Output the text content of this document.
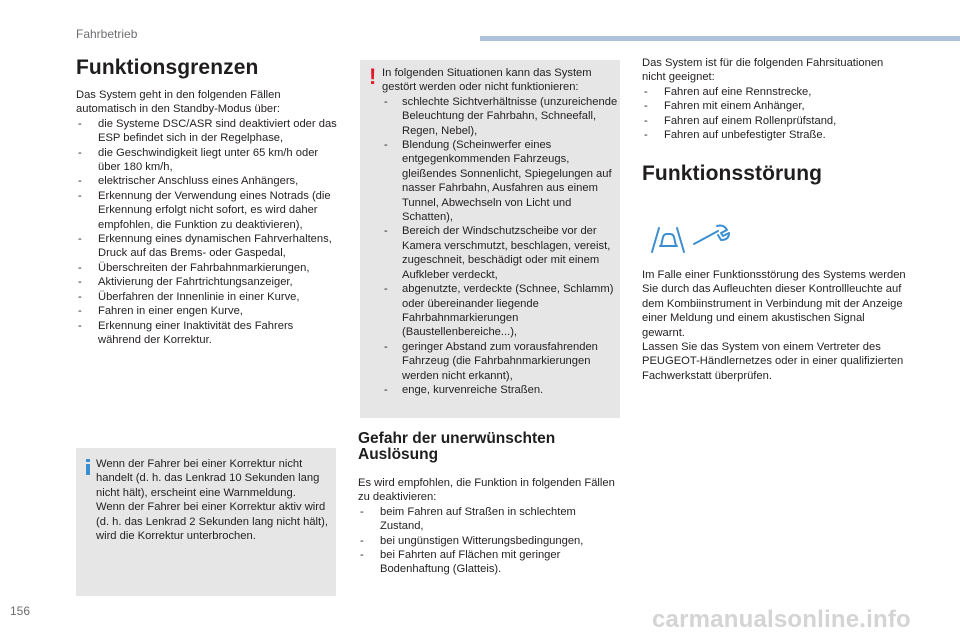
Fahrbetrieb
Funktionsgrenzen
Das System geht in den folgenden Fällen automatisch in den Standby-Modus über:
- die Systeme DSC/ASR sind deaktiviert oder das ESP befindet sich in der Regelphase,
- die Geschwindigkeit liegt unter 65 km/h oder über 180 km/h,
- elektrischer Anschluss eines Anhängers,
- Erkennung der Verwendung eines Notrads (die Erkennung erfolgt nicht sofort, es wird daher empfohlen, die Funktion zu deaktivieren),
- Erkennung eines dynamischen Fahrverhaltens, Druck auf das Brems- oder Gaspedal,
- Überschreiten der Fahrbahnmarkierungen,
- Aktivierung der Fahrtrichtungsanzeiger,
- Überfahren der Innenlinie in einer Kurve,
- Fahren in einer engen Kurve,
- Erkennung einer Inaktivität des Fahrers während der Korrektur.
Wenn der Fahrer bei einer Korrektur nicht handelt (d. h. das Lenkrad 10 Sekunden lang nicht hält), erscheint eine Warnmeldung.
Wenn der Fahrer bei einer Korrektur aktiv wird (d. h. das Lenkrad 2 Sekunden lang nicht hält), wird die Korrektur unterbrochen.
! In folgenden Situationen kann das System gestört werden oder nicht funktionieren:
- schlechte Sichtverhältnisse (unzureichende Beleuchtung der Fahrbahn, Schneefall, Regen, Nebel),
- Blendung (Scheinwerfer eines entgegenkommenden Fahrzeugs, gleißendes Sonnenlicht, Spiegelungen auf nasser Fahrbahn, Ausfahren aus einem Tunnel, Abwechseln von Licht und Schatten),
- Bereich der Windschutzscheibe vor der Kamera verschmutzt, beschlagen, vereist, zugeschneit, beschädigt oder mit einem Aufkleber verdeckt,
- abgenutzte, verdeckte (Schnee, Schlamm) oder übereinander liegende Fahrbahnmarkierungen (Baustellenbereiche...),
- geringer Abstand zum vorausfahrenden Fahrzeug (die Fahrbahnmarkierungen werden nicht erkannt),
- enge, kurvenreiche Straßen.
Gefahr der unerwünschten
Auslösung
Es wird empfohlen, die Funktion in folgenden Fällen zu deaktivieren:
- beim Fahren auf Straßen in schlechtem Zustand,
- bei ungünstigen Witterungsbedingungen,
- bei Fahrten auf Flächen mit geringer Bodenhaftung (Glatteis).
Das System ist für die folgenden Fahrsituationen nicht geeignet:
- Fahren auf eine Rennstrecke,
- Fahren mit einem Anhänger,
- Fahren auf einem Rollenprüfstand,
- Fahren auf unbefestigter Straße.
Funktionsstörung
Im Falle einer Funktionsstörung des Systems werden Sie durch das Aufleuchten dieser Kontrollleuchte auf dem Kombiinstrument in Verbindung mit der Anzeige einer Meldung und einem akustischen Signal gewarnt.
Lassen Sie das System von einem Vertreter des PEUGEOT-Händlernetzes oder in einer qualifizierten Fachwerkstatt überprüfen.
156	carmanualsonline.info
